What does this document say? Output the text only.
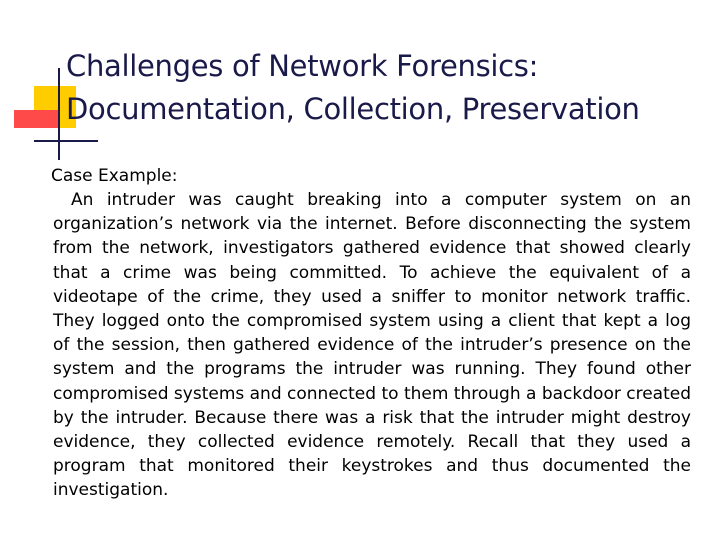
Challenges of Network Forensics:
Documentation, Collection, Preservation
Case Example:

An intruder was caught breaking into a computer system on an organization’s network via the internet. Before disconnecting the system from the network, investigators gathered evidence that showed clearly that a crime was being committed. To achieve the equivalent of a videotape of the crime, they used a sniffer to monitor network traffic. They logged onto the compromised system using a client that kept a log of the session, then gathered evidence of the intruder’s presence on the system and the programs the intruder was running. They found other compromised systems and connected to them through a backdoor created by the intruder. Because there was a risk that the intruder might destroy evidence, they collected evidence remotely. Recall that they used a program that monitored their keystrokes and thus documented the investigation.
